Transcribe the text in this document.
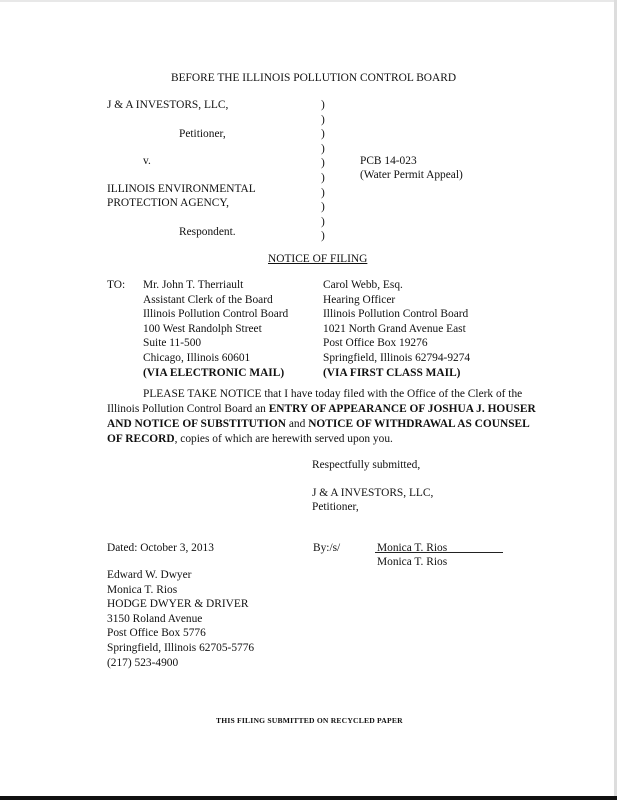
BEFORE THE ILLINOIS POLLUTION CONTROL BOARD
J & A INVESTORS, LLC,
Petitioner,
v.
ILLINOIS ENVIRONMENTAL
PROTECTION AGENCY,
Respondent.
)
)
)
)
)
)
)
)
)
)
PCB 14-023
(Water Permit Appeal)
NOTICE OF FILING
TO: Mr. John T. Therriault
Assistant Clerk of the Board
Illinois Pollution Control Board
100 West Randolph Street
Suite 11-500
Chicago, Illinois 60601
(VIA ELECTRONIC MAIL)
Carol Webb, Esq.
Hearing Officer
Illinois Pollution Control Board
1021 North Grand Avenue East
Post Office Box 19276
Springfield, Illinois 62794-9274
(VIA FIRST CLASS MAIL)
PLEASE TAKE NOTICE that I have today filed with the Office of the Clerk of the Illinois Pollution Control Board an ENTRY OF APPEARANCE OF JOSHUA J. HOUSER AND NOTICE OF SUBSTITUTION and NOTICE OF WITHDRAWAL AS COUNSEL OF RECORD, copies of which are herewith served upon you.
Respectfully submitted,
J & A INVESTORS, LLC,
Petitioner,
Dated: October 3, 2013	By:/s/	Monica T. Rios
Monica T. Rios
Edward W. Dwyer
Monica T. Rios
HODGE DWYER & DRIVER
3150 Roland Avenue
Post Office Box 5776
Springfield, Illinois 62705-5776
(217) 523-4900
THIS FILING SUBMITTED ON RECYCLED PAPER
